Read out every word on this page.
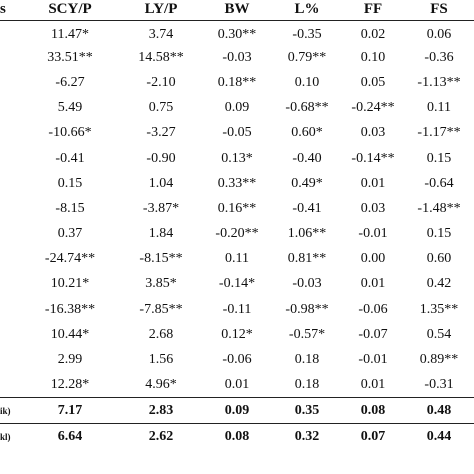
s	SCY/P	LY/P	BW	L%	FF	FS
	11.47*	3.74	0.30**	-0.35	0.02	0.06
	33.51**	14.58**	-0.03	0.79**	0.10	-0.36
	-6.27	-2.10	0.18**	0.10	0.05	-1.13**
	5.49	0.75	0.09	-0.68**	-0.24**	0.11
	-10.66*	-3.27	-0.05	0.60*	0.03	-1.17**
	-0.41	-0.90	0.13*	-0.40	-0.14**	0.15
	0.15	1.04	0.33**	0.49*	0.01	-0.64
	-8.15	-3.87*	0.16**	-0.41	0.03	-1.48**
	0.37	1.84	-0.20**	1.06**	-0.01	0.15
	-24.74**	-8.15**	0.11	0.81**	0.00	0.60
	10.21*	3.85*	-0.14*	-0.03	0.01	0.42
	-16.38**	-7.85**	-0.11	-0.98**	-0.06	1.35**
	10.44*	2.68	0.12*	-0.57*	-0.07	0.54
	2.99	1.56	-0.06	0.18	-0.01	0.89**
	12.28*	4.96*	0.01	0.18	0.01	-0.31
ik)	7.17	2.83	0.09	0.35	0.08	0.48
kl)	6.64	2.62	0.08	0.32	0.07	0.44
